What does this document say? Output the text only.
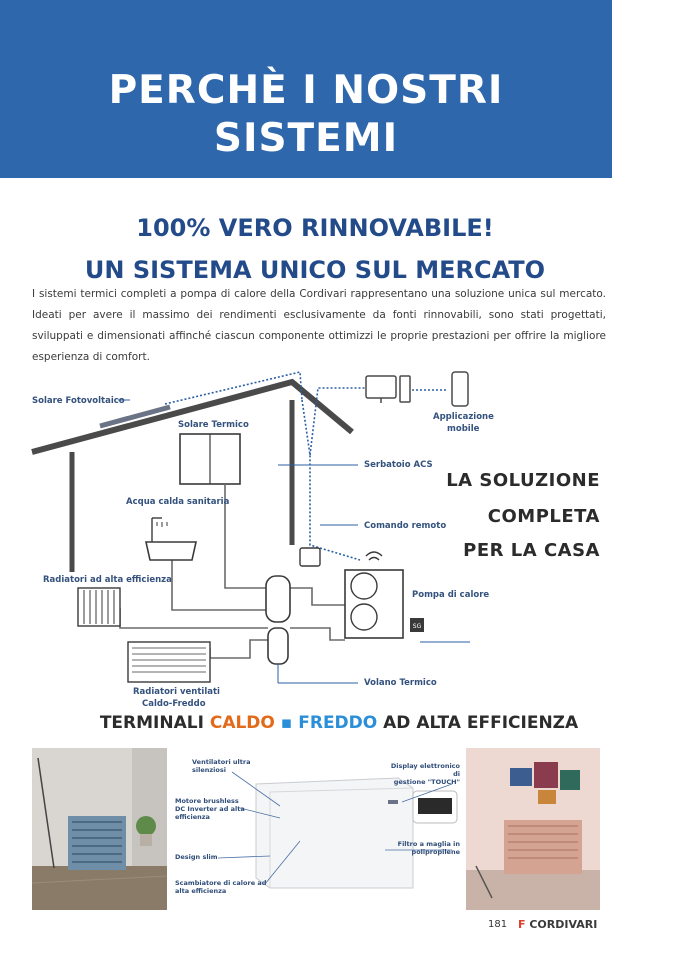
PERCHÈ I NOSTRI
SISTEMI
100% VERO RINNOVABILE!
UN SISTEMA UNICO SUL MERCATO
I sistemi termici completi a pompa di calore della Cordivari rappresentano una soluzione unica sul mercato. Ideati per avere il massimo dei rendimenti esclusivamente da fonti rinnovabili, sono stati progettati, sviluppati e dimensionati affinché ciascun componente ottimizzi le proprie prestazioni per offrire la migliore esperienza di comfort.
SG
Solare Fotovoltaico
Solare Termico
Applicazione
mobile
Serbatoio ACS
Acqua calda sanitaria
Comando remoto
Radiatori ad alta efficienza
Pompa di calore
Volano Termico
Radiatori ventilati
Caldo-Freddo
LA SOLUZIONE
COMPLETA
PER LA CASA
TERMINALI CALDO ▪ FREDDO AD ALTA EFFICIENZA
Ventilatori ultra
silenziosi
Motore brushless
DC Inverter ad alta
efficienza
Design slim
Scambiatore di calore ad
alta efficienza
Display elettronico di
gestione "TOUCH"
Filtro a maglia in
polipropilene
181 F CORDIVARI
